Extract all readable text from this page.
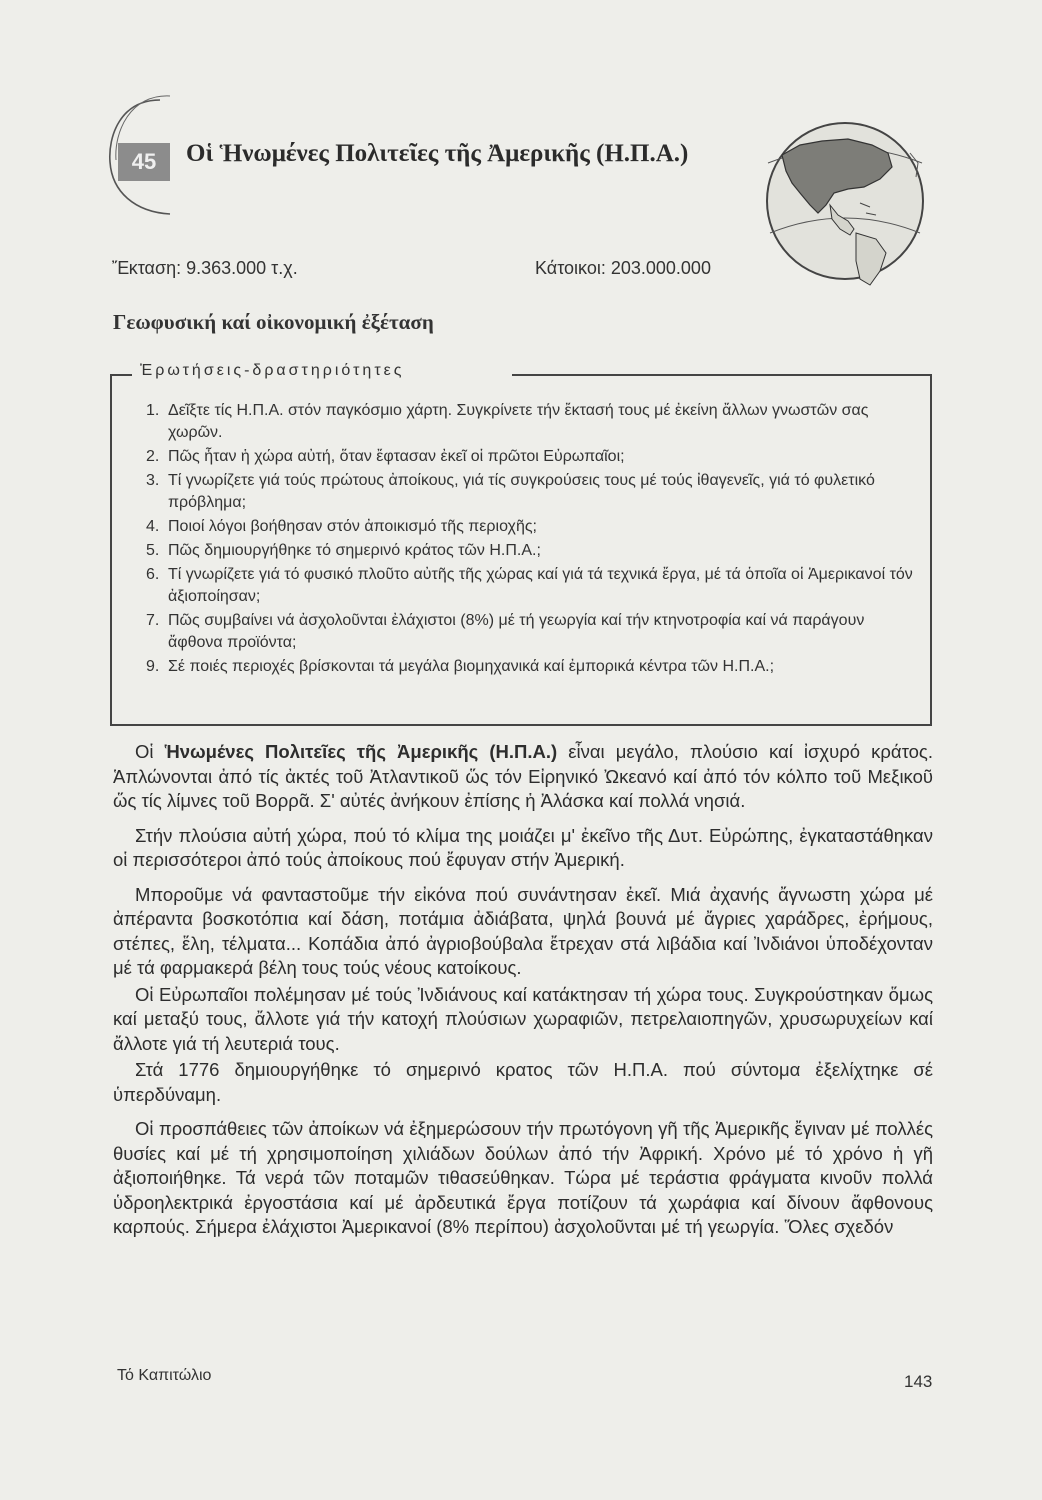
45	Οἱ Ἡνωμένες Πολιτεῖες τῆς Ἀμερικῆς (Η.Π.Α.)
Ἔκταση: 9.363.000 τ.χ.	Κάτοικοι: 203.000.000
Γεωφυσική καί οἰκονομική ἐξέταση
Ἐρωτήσεις-δραστηριότητες
1. Δεῖξτε τίς Η.Π.Α. στόν παγκόσμιο χάρτη. Συγκρίνετε τήν ἔκτασή τους μέ ἐκείνη ἄλλων γνωστῶν σας χωρῶν.
2. Πῶς ἦταν ἡ χώρα αὐτή, ὅταν ἔφτασαν ἐκεῖ οἱ πρῶτοι Εὐρωπαῖοι;
3. Τί γνωρίζετε γιά τούς πρώτους ἀποίκους, γιά τίς συγκρούσεις τους μέ τούς ἰθαγενεῖς, γιά τό φυλετικό πρόβλημα;
4. Ποιοί λόγοι βοήθησαν στόν ἀποικισμό τῆς περιοχῆς;
5. Πῶς δημιουργήθηκε τό σημερινό κράτος τῶν Η.Π.Α.;
6. Τί γνωρίζετε γιά τό φυσικό πλοῦτο αὐτῆς τῆς χώρας καί γιά τά τεχνικά ἔργα, μέ τά ὁποῖα οἱ Ἀμερικανοί τόν ἀξιοποίησαν;
7. Πῶς συμβαίνει νά ἀσχολοῦνται ἐλάχιστοι (8%) μέ τή γεωργία καί τήν κτηνοτροφία καί νά παράγουν ἄφθονα προϊόντα;
9. Σέ ποιές περιοχές βρίσκονται τά μεγάλα βιομηχανικά καί ἐμπορικά κέντρα τῶν Η.Π.Α.;

Οἱ Ἡνωμένες Πολιτεῖες τῆς Ἀμερικῆς (Η.Π.Α.) εἶναι μεγάλο, πλούσιο καί ἰσχυρό κράτος. Ἁπλώνονται ἀπό τίς ἀκτές τοῦ Ἀτλαντικοῦ ὥς τόν Εἰρηνικό Ὠκεανό καί ἀπό τόν κόλπο τοῦ Μεξικοῦ ὥς τίς λίμνες τοῦ Βορρᾶ. Σ' αὐτές ἀνήκουν ἐπίσης ἡ Ἀλάσκα καί πολλά νησιά.

Στήν πλούσια αὐτή χώρα, πού τό κλίμα της μοιάζει μ' ἐκεῖνο τῆς Δυτ. Εὐρώπης, ἐγκαταστάθηκαν οἱ περισσότεροι ἀπό τούς ἀποίκους πού ἔφυγαν στήν Ἀμερική.

Μποροῦμε νά φανταστοῦμε τήν εἰκόνα πού συνάντησαν ἐκεῖ. Μιά ἀχανής ἄγνωστη χώρα μέ ἀπέραντα βοσκοτόπια καί δάση, ποτάμια ἀδιάβατα, ψηλά βουνά μέ ἄγριες χαράδρες, ἐρήμους, στέπες, ἕλη, τέλματα... Κοπάδια ἀπό ἀγριοβούβαλα ἔτρεχαν στά λιβάδια καί Ἰνδιάνοι ὑποδέχονταν μέ τά φαρμακερά βέλη τους τούς νέους κατοίκους.

Οἱ Εὐρωπαῖοι πολέμησαν μέ τούς Ἰνδιάνους καί κατάκτησαν τή χώρα τους. Συγκρούστηκαν ὅμως καί μεταξύ τους, ἄλλοτε γιά τήν κατοχή πλούσιων χωραφιῶν, πετρελαιοπηγῶν, χρυσωρυχείων καί ἄλλοτε γιά τή λευτεριά τους.

Στά 1776 δημιουργήθηκε τό σημερινό κρατος τῶν Η.Π.Α. πού σύντομα ἐξελίχτηκε σέ ὑπερδύναμη.

Οἱ προσπάθειες τῶν ἀποίκων νά ἐξημερώσουν τήν πρωτόγονη γῆ τῆς Ἀμερικῆς ἔγιναν μέ πολλές θυσίες καί μέ τή χρησιμοποίηση χιλιάδων δούλων ἀπό τήν Ἀφρική. Χρόνο μέ τό χρόνο ἡ γῆ ἀξιοποιήθηκε. Τά νερά τῶν ποταμῶν τιθασεύθηκαν. Τώρα μέ τεράστια φράγματα κινοῦν πολλά ὑδροηλεκτρικά ἐργοστάσια καί μέ ἀρδευτικά ἔργα ποτίζουν τά χωράφια καί δίνουν ἄφθονους καρπούς. Σήμερα ἐλάχιστοι Ἀμερικανοί (8% περίπου) ἀσχολοῦνται μέ τή γεωργία. Ὅλες σχεδόν

Τό Καπιτώλιο	143
